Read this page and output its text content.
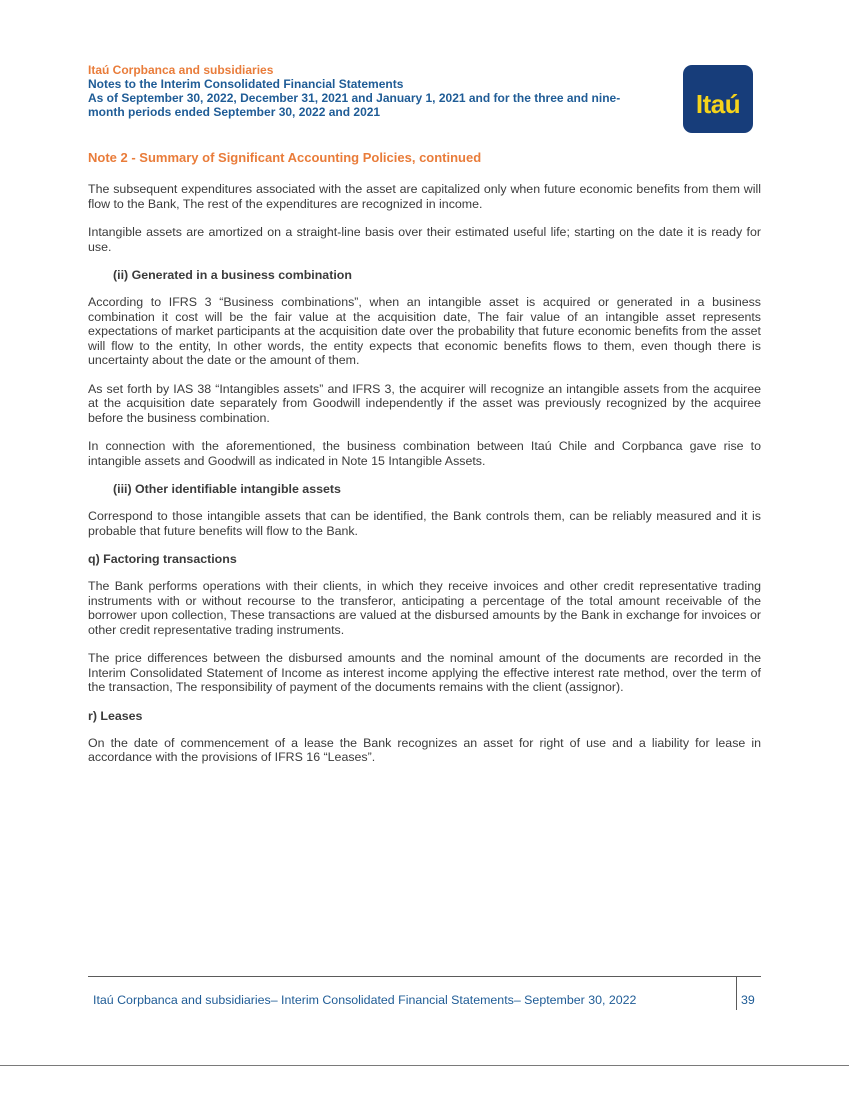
Itaú Corpbanca and subsidiaries
Notes to the Interim Consolidated Financial Statements
As of September 30, 2022, December 31, 2021 and January 1, 2021 and for the three and nine-
month periods ended September 30, 2022 and 2021	Itaú
Note 2 - Summary of Significant Accounting Policies, continued

The subsequent expenditures associated with the asset are capitalized only when future economic benefits from them will flow to the Bank, The rest of the expenditures are recognized in income.

Intangible assets are amortized on a straight-line basis over their estimated useful life; starting on the date it is ready for use.

(ii) Generated in a business combination

According to IFRS 3 “Business combinations”, when an intangible asset is acquired or generated in a business combination it cost will be the fair value at the acquisition date, The fair value of an intangible asset represents expectations of market participants at the acquisition date over the probability that future economic benefits from the asset will flow to the entity, In other words, the entity expects that economic benefits flows to them, even though there is uncertainty about the date or the amount of them.

As set forth by IAS 38 “Intangibles assets” and IFRS 3, the acquirer will recognize an intangible assets from the acquiree at the acquisition date separately from Goodwill independently if the asset was previously recognized by the acquiree before the business combination.

In connection with the aforementioned, the business combination between Itaú Chile and Corpbanca gave rise to intangible assets and Goodwill as indicated in Note 15 Intangible Assets.

(iii) Other identifiable intangible assets

Correspond to those intangible assets that can be identified, the Bank controls them, can be reliably measured and it is probable that future benefits will flow to the Bank.

q) Factoring transactions

The Bank performs operations with their clients, in which they receive invoices and other credit representative trading instruments with or without recourse to the transferor, anticipating a percentage of the total amount receivable of the borrower upon collection, These transactions are valued at the disbursed amounts by the Bank in exchange for invoices or other credit representative trading instruments.

The price differences between the disbursed amounts and the nominal amount of the documents are recorded in the Interim Consolidated Statement of Income as interest income applying the effective interest rate method, over the term of the transaction, The responsibility of payment of the documents remains with the client (assignor).

r) Leases

On the date of commencement of a lease the Bank recognizes an asset for right of use and a liability for lease in accordance with the provisions of IFRS 16 “Leases”.

Itaú Corpbanca and subsidiaries– Interim Consolidated Financial Statements– September 30, 2022	39
